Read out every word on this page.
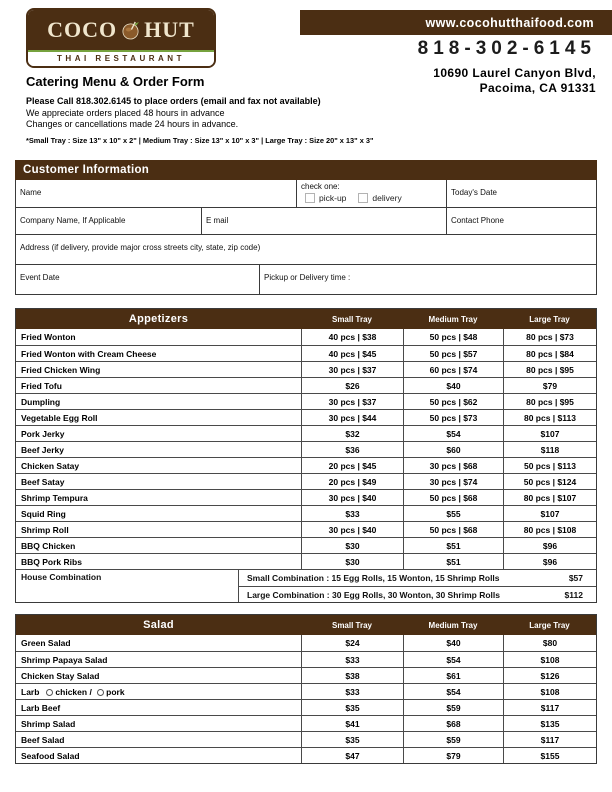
www.cocohutthaifood.com
COCO HUT
THAI RESTAURANT	818-302-6145
10690 Laurel Canyon Blvd,
Pacoima, CA 91331
Catering Menu & Order Form
Please Call 818.302.6145 to place orders (email and fax not available)
We appreciate orders placed 48 hours in advance
Changes or cancellations made 24 hours in advance.
*Small Tray : Size 13" x 10" x 2" | Medium Tray : Size 13" x 10" x 3" | Large Tray : Size 20" x 13" x 3"
Customer Information
Name
check one:
pick-up	delivery
Today's Date
Company Name, If Applicable	E mail	Contact Phone
Address (if delivery, provide major cross streets city, state, zip code)
Event Date	Pickup or Delivery time :
Appetizers	Small Tray	Medium Tray	Large Tray
Fried Wonton	40 pcs | $38	50 pcs | $48	80 pcs | $73
Fried Wonton with Cream Cheese	40 pcs | $45	50 pcs | $57	80 pcs | $84
Fried Chicken Wing	30 pcs | $37	60 pcs | $74	80 pcs | $95
Fried Tofu	$26	$40	$79
Dumpling	30 pcs | $37	50 pcs | $62	80 pcs | $95
Vegetable Egg Roll	30 pcs | $44	50 pcs | $73	80 pcs | $113
Pork Jerky	$32	$54	$107
Beef Jerky	$36	$60	$118
Chicken Satay	20 pcs | $45	30 pcs | $68	50 pcs | $113
Beef Satay	20 pcs | $49	30 pcs | $74	50 pcs | $124
Shrimp Tempura	30 pcs | $40	50 pcs | $68	80 pcs | $107
Squid Ring	$33	$55	$107
Shrimp Roll	30 pcs | $40	50 pcs | $68	80 pcs | $108
BBQ Chicken	$30	$51	$96
BBQ Pork Ribs	$30	$51	$96
House Combination	Small Combination : 15 Egg Rolls, 15 Wonton, 15 Shrimp Rolls	$57
Large Combination : 30 Egg Rolls, 30 Wonton, 30 Shrimp Rolls	$112
Salad	Small Tray	Medium Tray	Large Tray
Green Salad	$24	$40	$80
Shrimp Papaya Salad	$33	$54	$108
Chicken Stay Salad	$38	$61	$126
Larb	chicken / pork	$33	$54	$108
Larb Beef	$35	$59	$117
Shrimp Salad	$41	$68	$135
Beef Salad	$35	$59	$117
Seafood Salad	$47	$79	$155
